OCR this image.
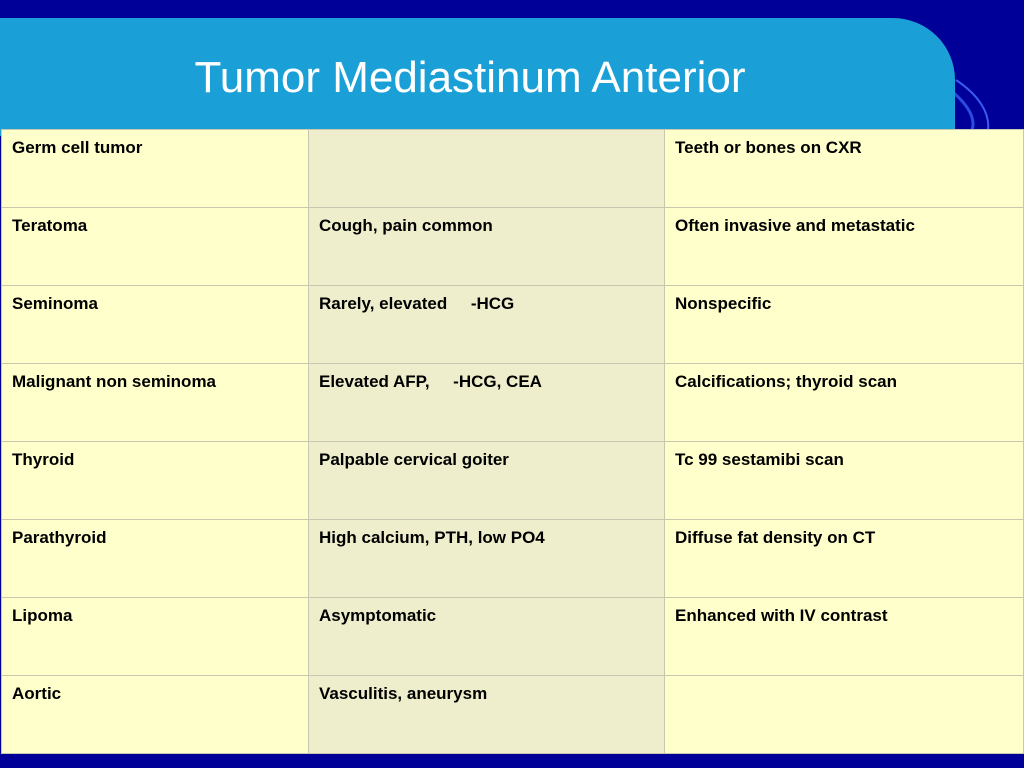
Tumor Mediastinum Anterior
Germ cell tumor		Teeth or bones on CXR
Teratoma	Cough, pain common	Often invasive and metastatic
Seminoma	Rarely, elevated     -HCG	Nonspecific
Malignant non seminoma	Elevated AFP,     -HCG, CEA	Calcifications; thyroid scan
Thyroid	Palpable cervical goiter	Tc 99 sestamibi scan
Parathyroid	High calcium, PTH, low PO4	Diffuse fat density on CT
Lipoma	Asymptomatic	Enhanced with IV contrast
Aortic	Vasculitis, aneurysm	
